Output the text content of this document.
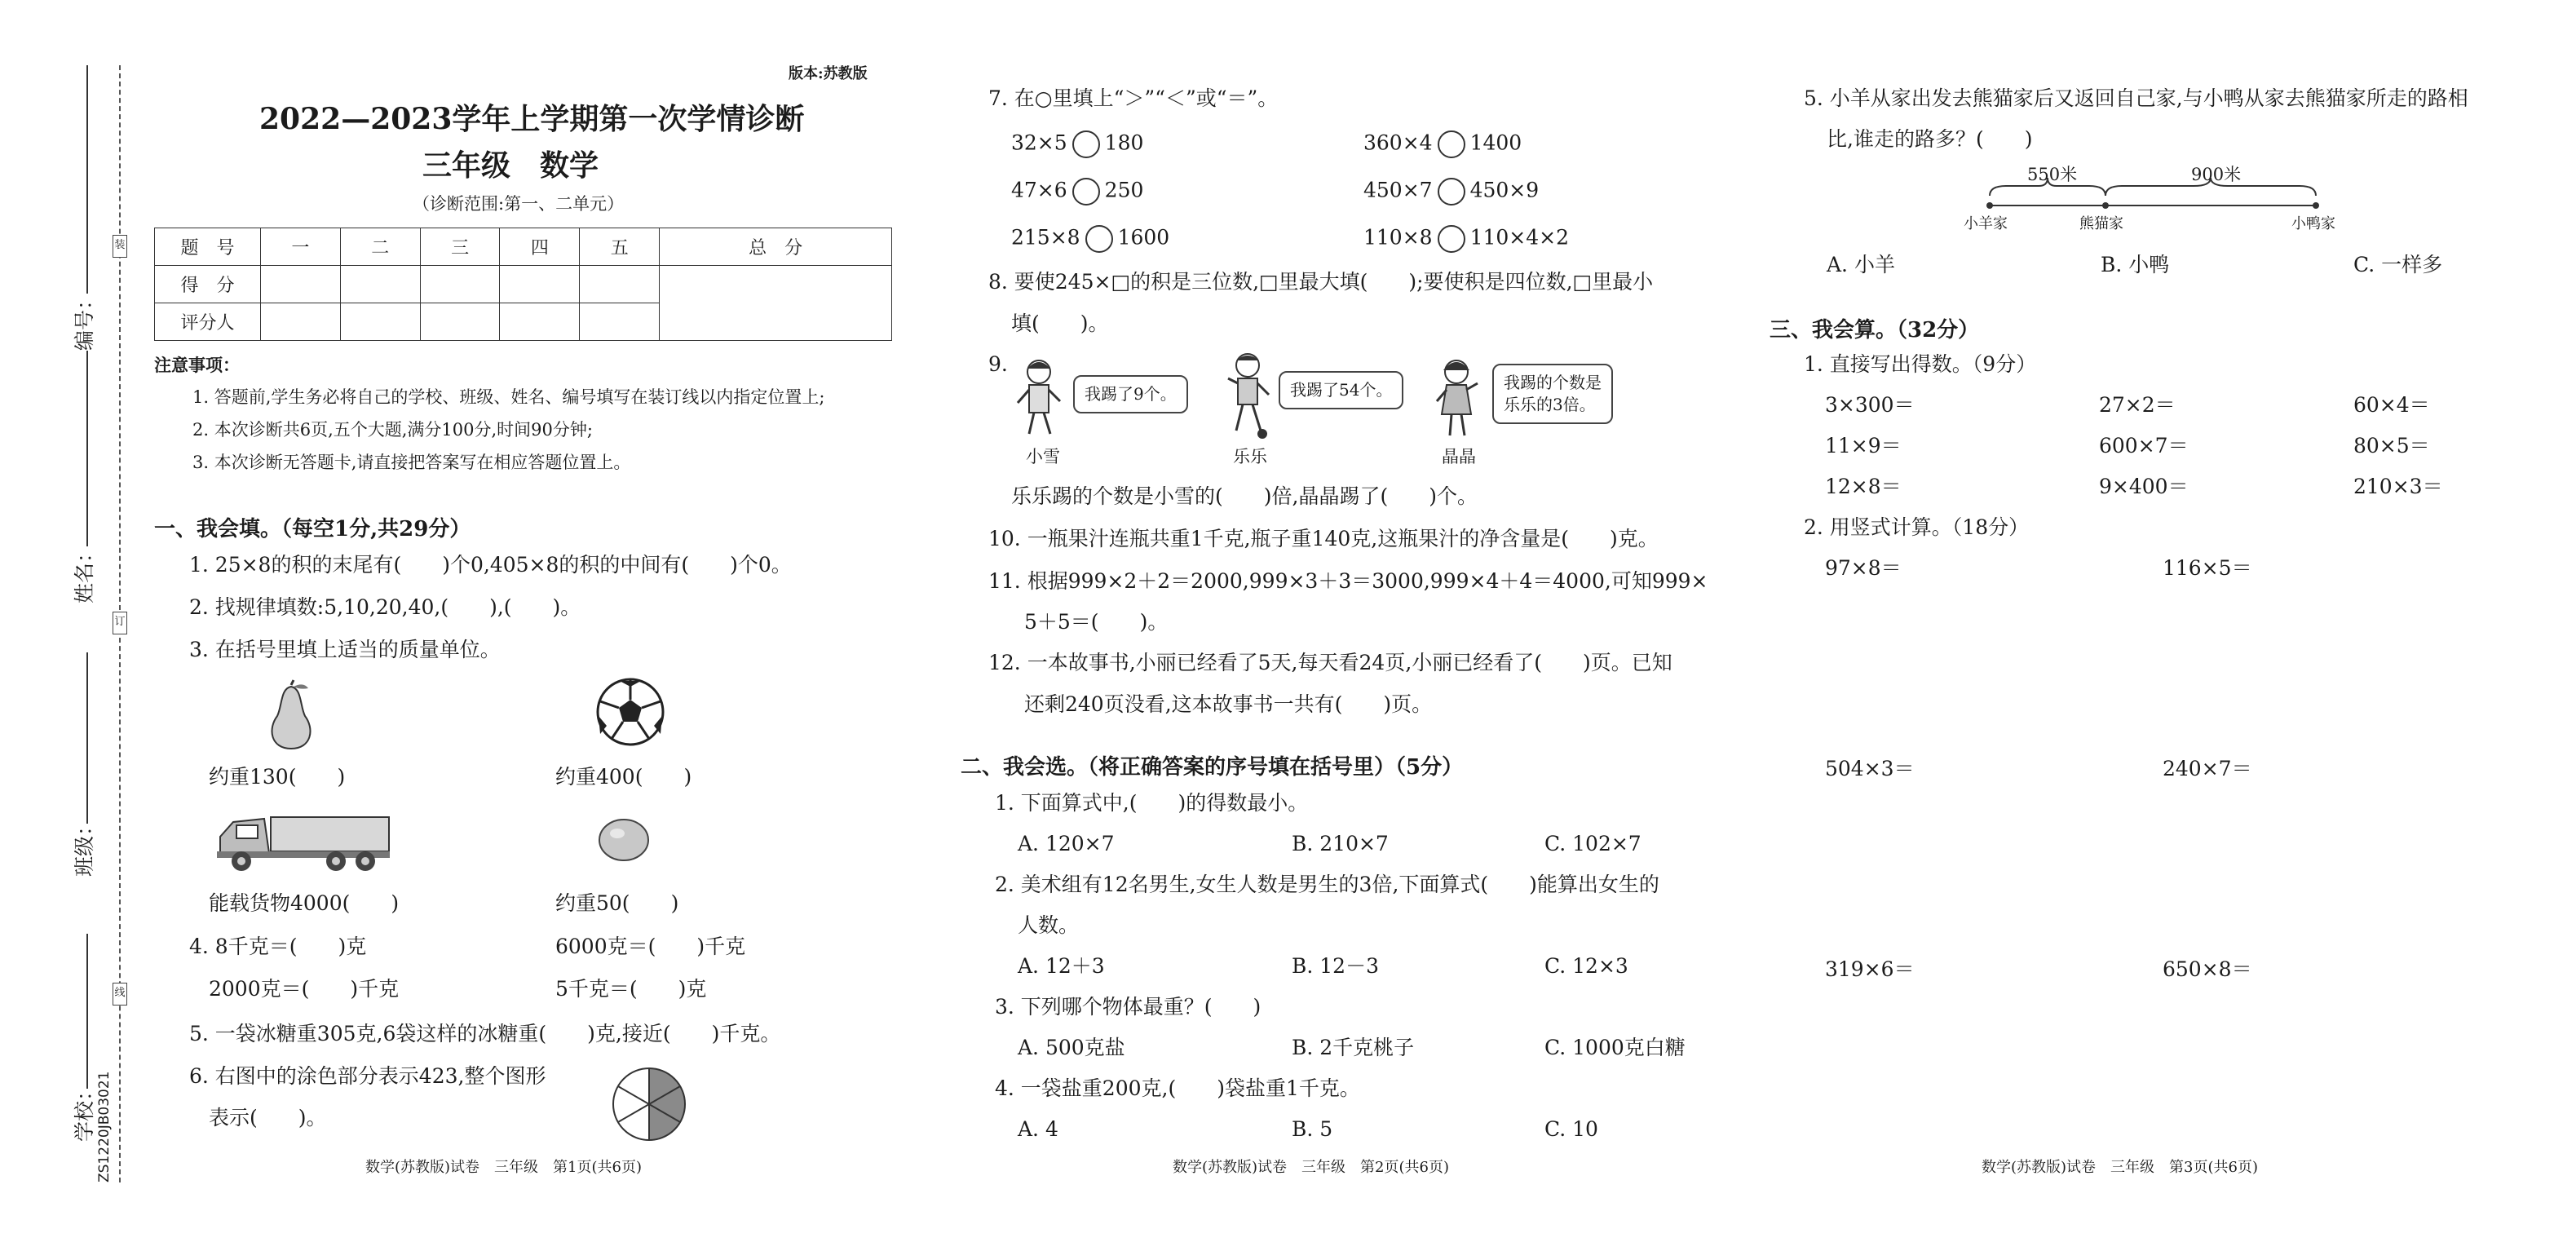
装
订
线
编号：
姓名：
班级：
学校： ZS1220JB03021
版本:苏教版
2022—2023学年上学期第一次学情诊断
三年级　数学
（诊断范围:第一、二单元）
题　号	一	二	三	四	五	总　分
得　分						
评分人						
注意事项：
1. 答题前,学生务必将自己的学校、班级、姓名、编号填写在装订线以内指定位置上;
2. 本次诊断共6页,五个大题,满分100分,时间90分钟;
3. 本次诊断无答题卡,请直接把答案写在相应答题位置上。
一、我会填。（每空1分,共29分）
1. 25×8的积的末尾有(　　)个0,405×8的积的中间有(　　)个0。
2. 找规律填数:5,10,20,40,(　　),(　　)。
3. 在括号里填上适当的质量单位。
约重130(　　)	约重400(　　)
能载货物4000(　　)	约重50(　　)
4. 8千克＝(　　)克	6000克＝(　　)千克
2000克＝(　　)千克	5千克＝(　　)克
5. 一袋冰糖重305克,6袋这样的冰糖重(　　)克,接近(　　)千克。
6. 右图中的涂色部分表示423,整个图形
表示(　　)。
数学(苏教版)试卷　三年级　第1页(共6页)
7. 在○里填上“＞”“＜”或“＝”。
32×5 180	360×4 1400
47×6 250	450×7 450×9
215×8 1600	110×8 110×4×2
8. 要使245×□的积是三位数,□里最大填(　　);要使积是四位数,□里最小
填(　　)。
9.
我踢了9个。
小雪
我踢了54个。
乐乐
我踢的个数是
乐乐的3倍。
晶晶
乐乐踢的个数是小雪的(　　)倍,晶晶踢了(　　)个。
10. 一瓶果汁连瓶共重1千克,瓶子重140克,这瓶果汁的净含量是(　　)克。
11. 根据999×2＋2＝2000,999×3＋3＝3000,999×4＋4＝4000,可知999×
5＋5＝(　　)。
12. 一本故事书,小丽已经看了5天,每天看24页,小丽已经看了(　　)页。已知
还剩240页没看,这本故事书一共有(　　)页。
二、我会选。（将正确答案的序号填在括号里）（5分）
1. 下面算式中,(　　)的得数最小。
A. 120×7	B. 210×7	C. 102×7
2. 美术组有12名男生,女生人数是男生的3倍,下面算式(　　)能算出女生的
人数。
A. 12＋3	B. 12－3	C. 12×3
3. 下列哪个物体最重？(　　)
A. 500克盐	B. 2千克桃子	C. 1000克白糖
4. 一袋盐重200克,(　　)袋盐重1千克。
A. 4	B. 5	C. 10
数学(苏教版)试卷　三年级　第2页(共6页)
5. 小羊从家出发去熊猫家后又返回自己家,与小鸭从家去熊猫家所走的路相
比,谁走的路多？(　　)
550米	900米
小羊家	熊猫家	小鸭家
A. 小羊	B. 小鸭	C. 一样多
三、我会算。（32分）
1. 直接写出得数。（9分）
3×300＝	27×2＝	60×4＝
11×9＝	600×7＝	80×5＝
12×8＝	9×400＝	210×3＝
2. 用竖式计算。（18分）
97×8＝	116×5＝
504×3＝	240×7＝
319×6＝	650×8＝
数学(苏教版)试卷　三年级　第3页(共6页)
